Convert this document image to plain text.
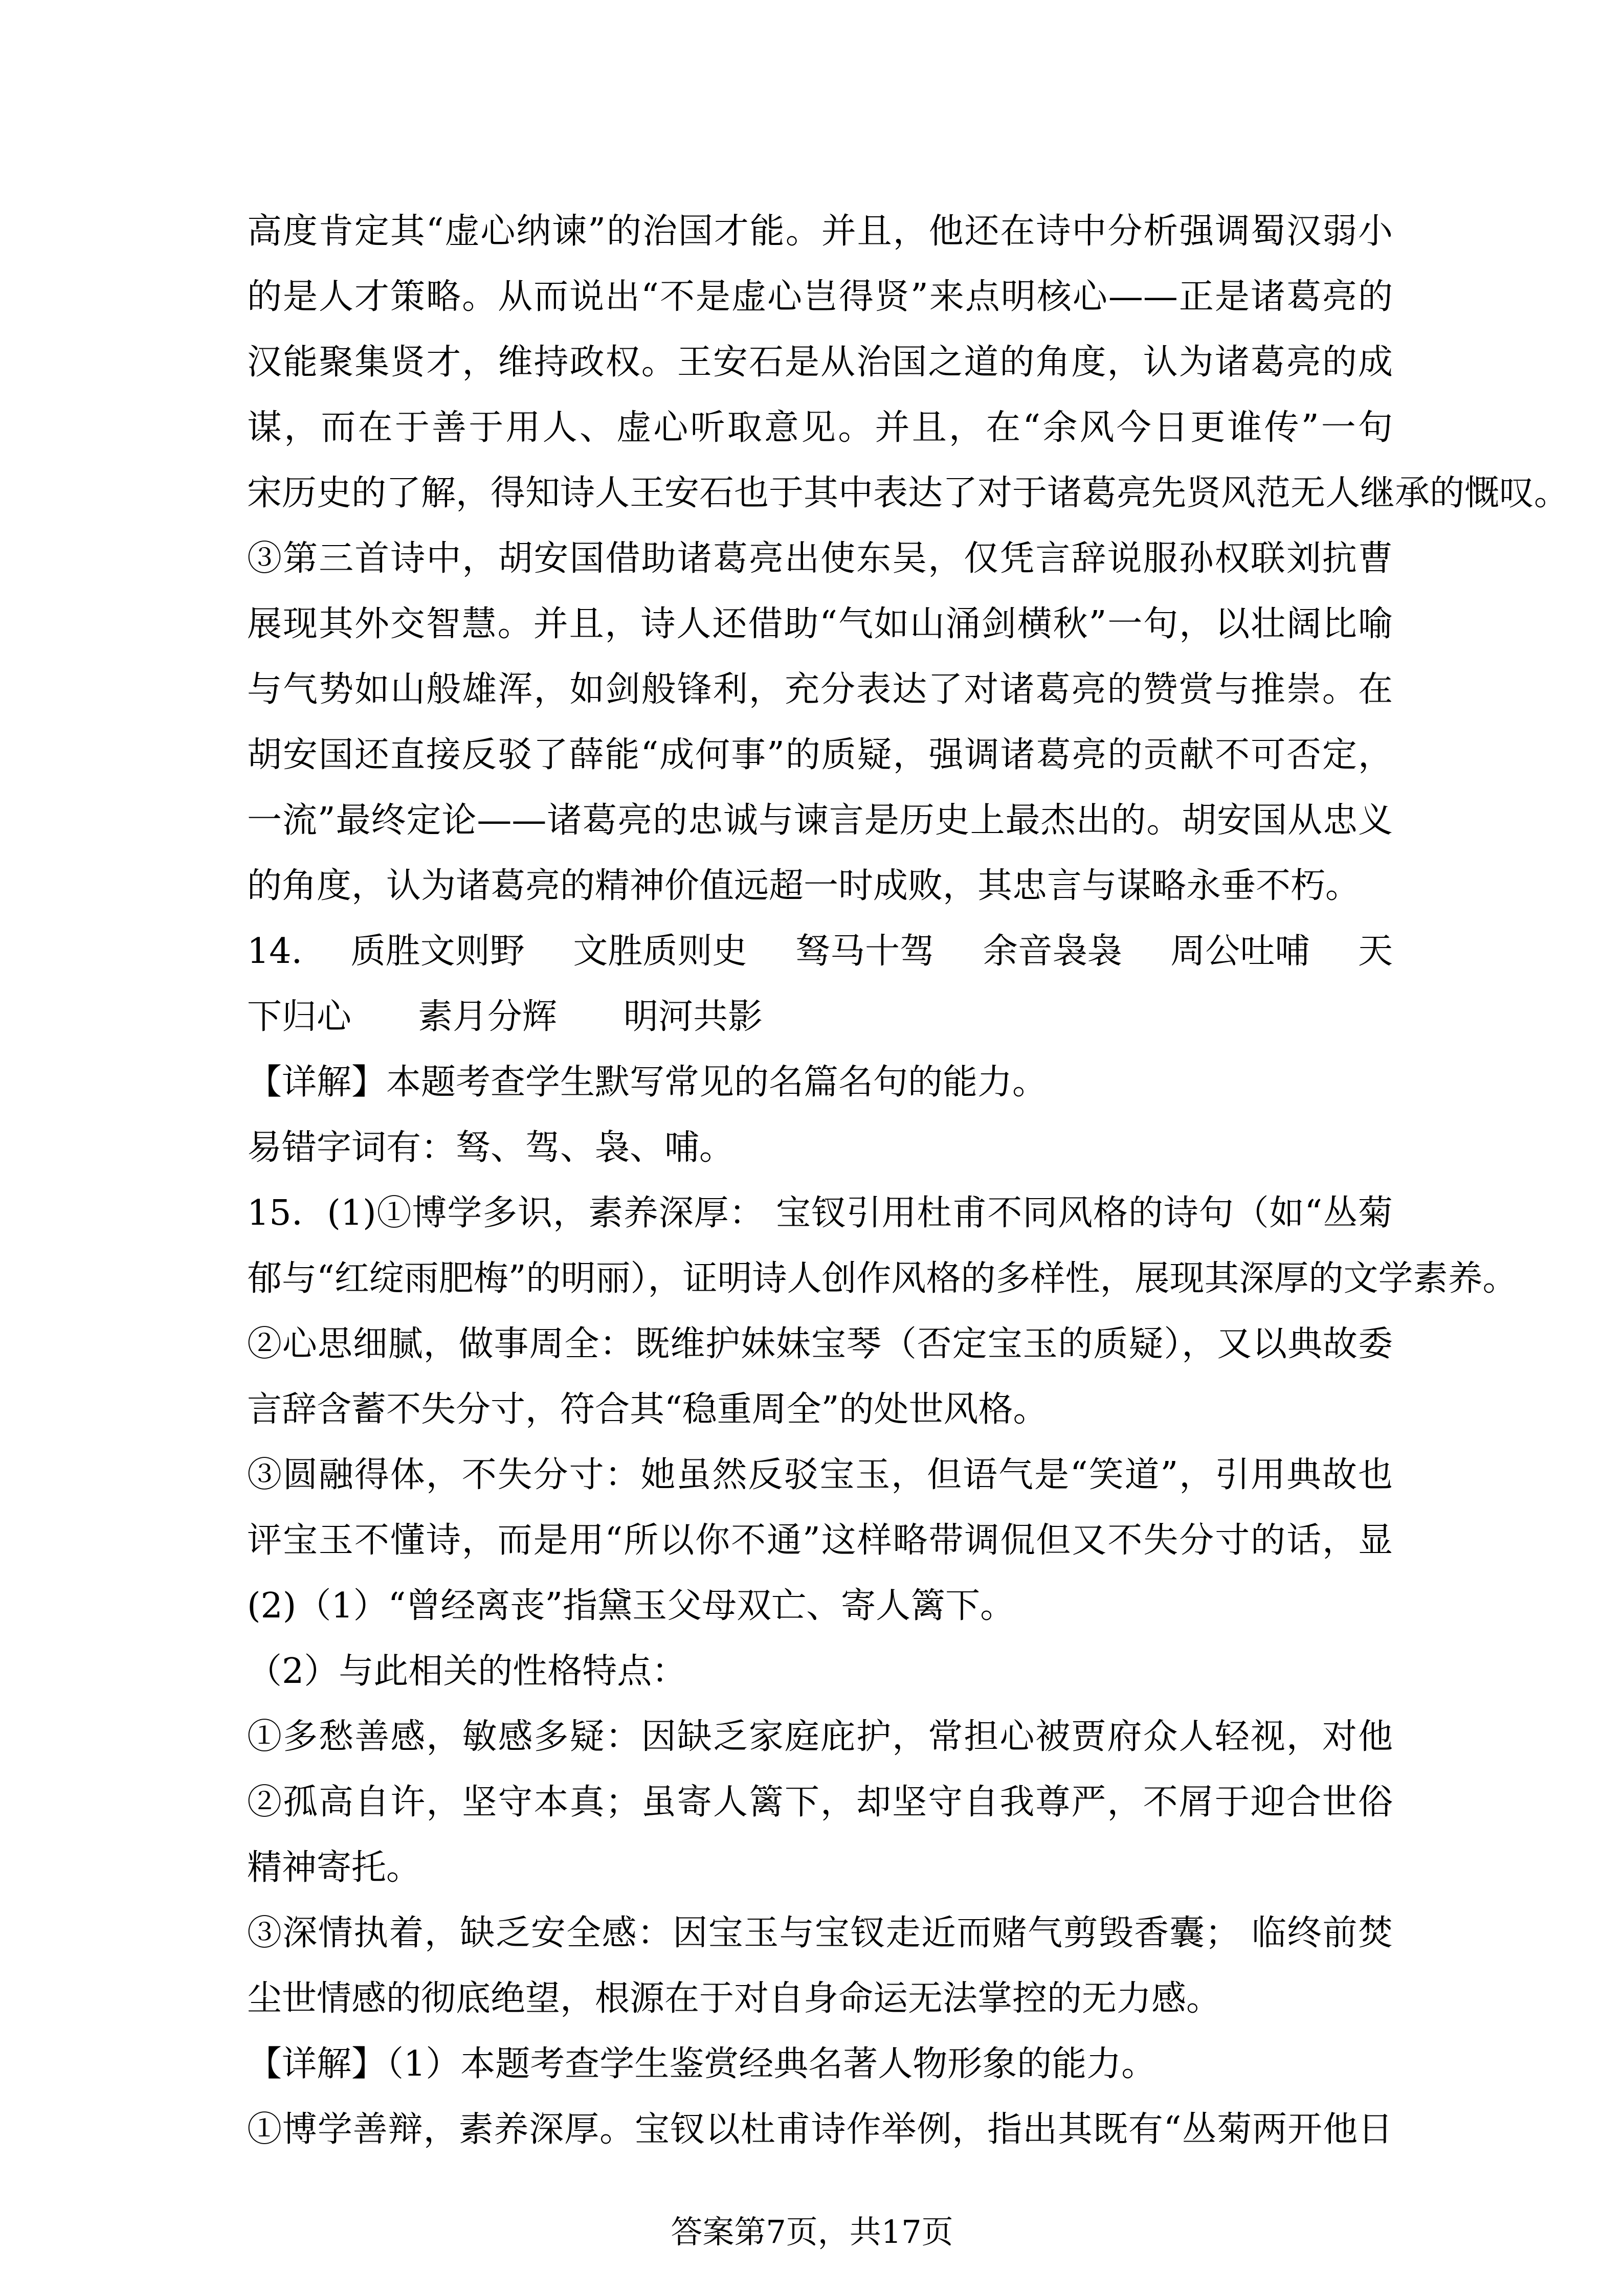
高度肯定其“虚心纳谏”的治国才能。并且，他还在诗中分析强调蜀汉弱小
的是人才策略。从而说出“不是虚心岂得贤”来点明核心——正是诸葛亮的
汉能聚集贤才，维持政权。王安石是从治国之道的角度，认为诸葛亮的成
谋，而在于善于用人、虚心听取意见。并且，在“余风今日更谁传”一句
宋历史的了解，得知诗人王安石也于其中表达了对于诸葛亮先贤风范无人继承的慨叹。
③第三首诗中，胡安国借助诸葛亮出使东吴，仅凭言辞说服孙权联刘抗曹
展现其外交智慧。并且，诗人还借助“气如山涌剑横秋”一句，以壮阔比喻
与气势如山般雄浑，如剑般锋利，充分表达了对诸葛亮的赞赏与推崇。在
胡安国还直接反驳了薛能“成何事”的质疑，强调诸葛亮的贡献不可否定，
一流”最终定论——诸葛亮的忠诚与谏言是历史上最杰出的。胡安国从忠义
的角度，认为诸葛亮的精神价值远超一时成败，其忠言与谋略永垂不朽。
14. 质胜文则野 文胜质则史 驽马十驾 余音袅袅 周公吐哺 天
下归心 素月分辉 明河共影
【详解】本题考查学生默写常见的名篇名句的能力。
易错字词有：驽、驾、袅、哺。
15．(1)①博学多识，素养深厚： 宝钗引用杜甫不同风格的诗句（如“丛菊
郁与“红绽雨肥梅”的明丽），证明诗人创作风格的多样性，展现其深厚的文学素养。
②心思细腻，做事周全：既维护妹妹宝琴（否定宝玉的质疑），又以典故委
言辞含蓄不失分寸，符合其“稳重周全”的处世风格。
③圆融得体，不失分寸：她虽然反驳宝玉，但语气是“笑道”，引用典故也
评宝玉不懂诗，而是用“所以你不通”这样略带调侃但又不失分寸的话，显
(2)（1）“曾经离丧”指黛玉父母双亡、寄人篱下。
（2）与此相关的性格特点：
①多愁善感，敏感多疑：因缺乏家庭庇护，常担心被贾府众人轻视，对他
②孤高自许，坚守本真；虽寄人篱下，却坚守自我尊严，不屑于迎合世俗
精神寄托。
③深情执着，缺乏安全感：因宝玉与宝钗走近而赌气剪毁香囊； 临终前焚
尘世情感的彻底绝望，根源在于对自身命运无法掌控的无力感。
【详解】（1）本题考查学生鉴赏经典名著人物形象的能力。
①博学善辩，素养深厚。宝钗以杜甫诗作举例，指出其既有“丛菊两开他日
答案第7页，共17页
